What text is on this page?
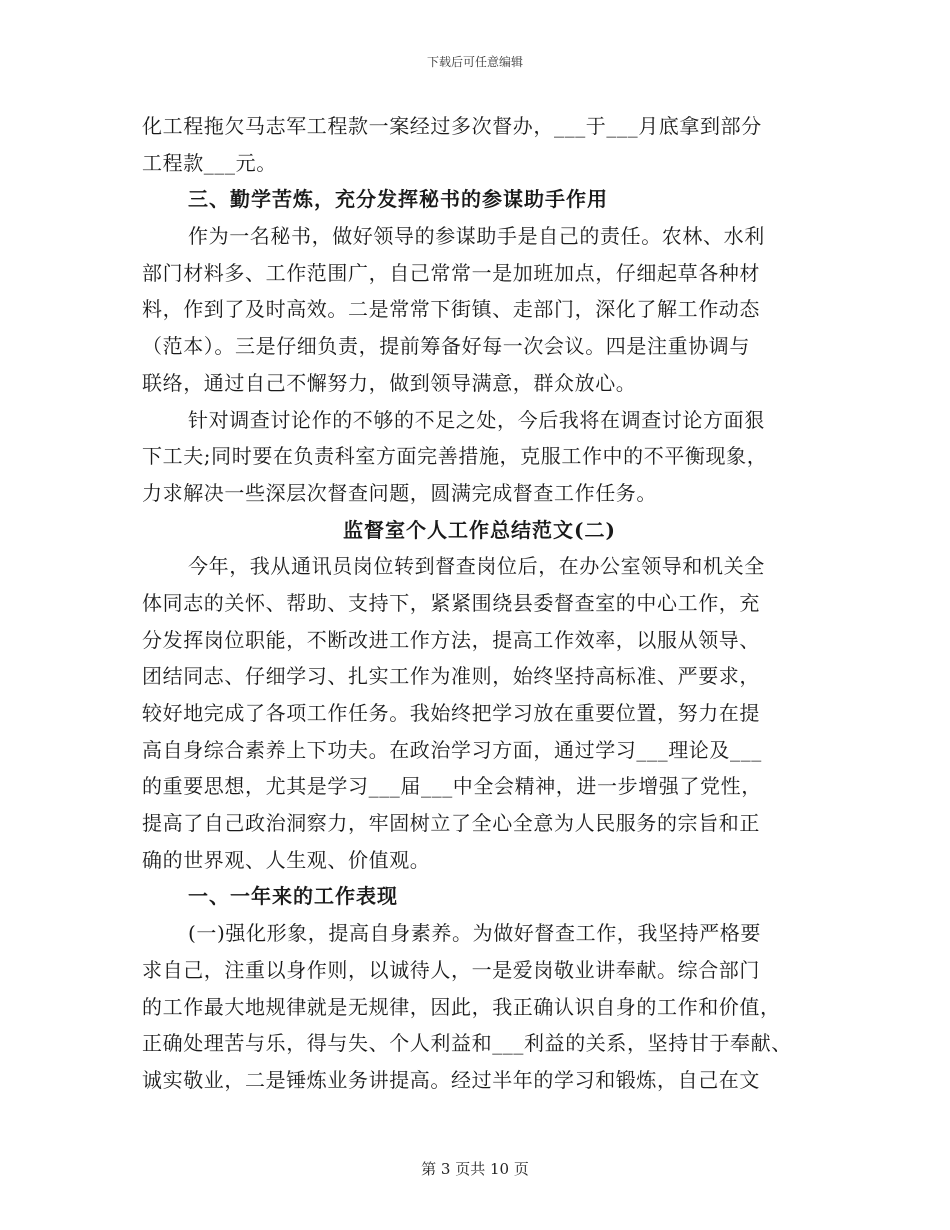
下载后可任意编辑
化工程拖欠马志军工程款一案经过多次督办，___于___月底拿到部分
工程款___元。
三、勤学苦炼，充分发挥秘书的参谋助手作用
作为一名秘书，做好领导的参谋助手是自己的责任。农林、水利
部门材料多、工作范围广，自己常常一是加班加点，仔细起草各种材
料，作到了及时高效。二是常常下街镇、走部门，深化了解工作动态
（范本）。三是仔细负责，提前筹备好每一次会议。四是注重协调与
联络，通过自己不懈努力，做到领导满意，群众放心。
针对调查讨论作的不够的不足之处，今后我将在调查讨论方面狠
下工夫;同时要在负责科室方面完善措施，克服工作中的不平衡现象，
力求解决一些深层次督查问题，圆满完成督查工作任务。
监督室个人工作总结范文(二)
今年，我从通讯员岗位转到督查岗位后，在办公室领导和机关全
体同志的关怀、帮助、支持下，紧紧围绕县委督查室的中心工作，充
分发挥岗位职能，不断改进工作方法，提高工作效率，以服从领导、
团结同志、仔细学习、扎实工作为准则，始终坚持高标准、严要求，
较好地完成了各项工作任务。我始终把学习放在重要位置，努力在提
高自身综合素养上下功夫。在政治学习方面，通过学习___理论及___
的重要思想，尤其是学习___届___中全会精神，进一步增强了党性，
提高了自己政治洞察力，牢固树立了全心全意为人民服务的宗旨和正
确的世界观、人生观、价值观。
一、一年来的工作表现
(一)强化形象，提高自身素养。为做好督查工作，我坚持严格要
求自己，注重以身作则，以诚待人，一是爱岗敬业讲奉献。综合部门
的工作最大地规律就是无规律，因此，我正确认识自身的工作和价值，
正确处理苦与乐，得与失、个人利益和___利益的关系，坚持甘于奉献、
诚实敬业，二是锤炼业务讲提高。经过半年的学习和锻炼，自己在文
第 3 页共 10 页
